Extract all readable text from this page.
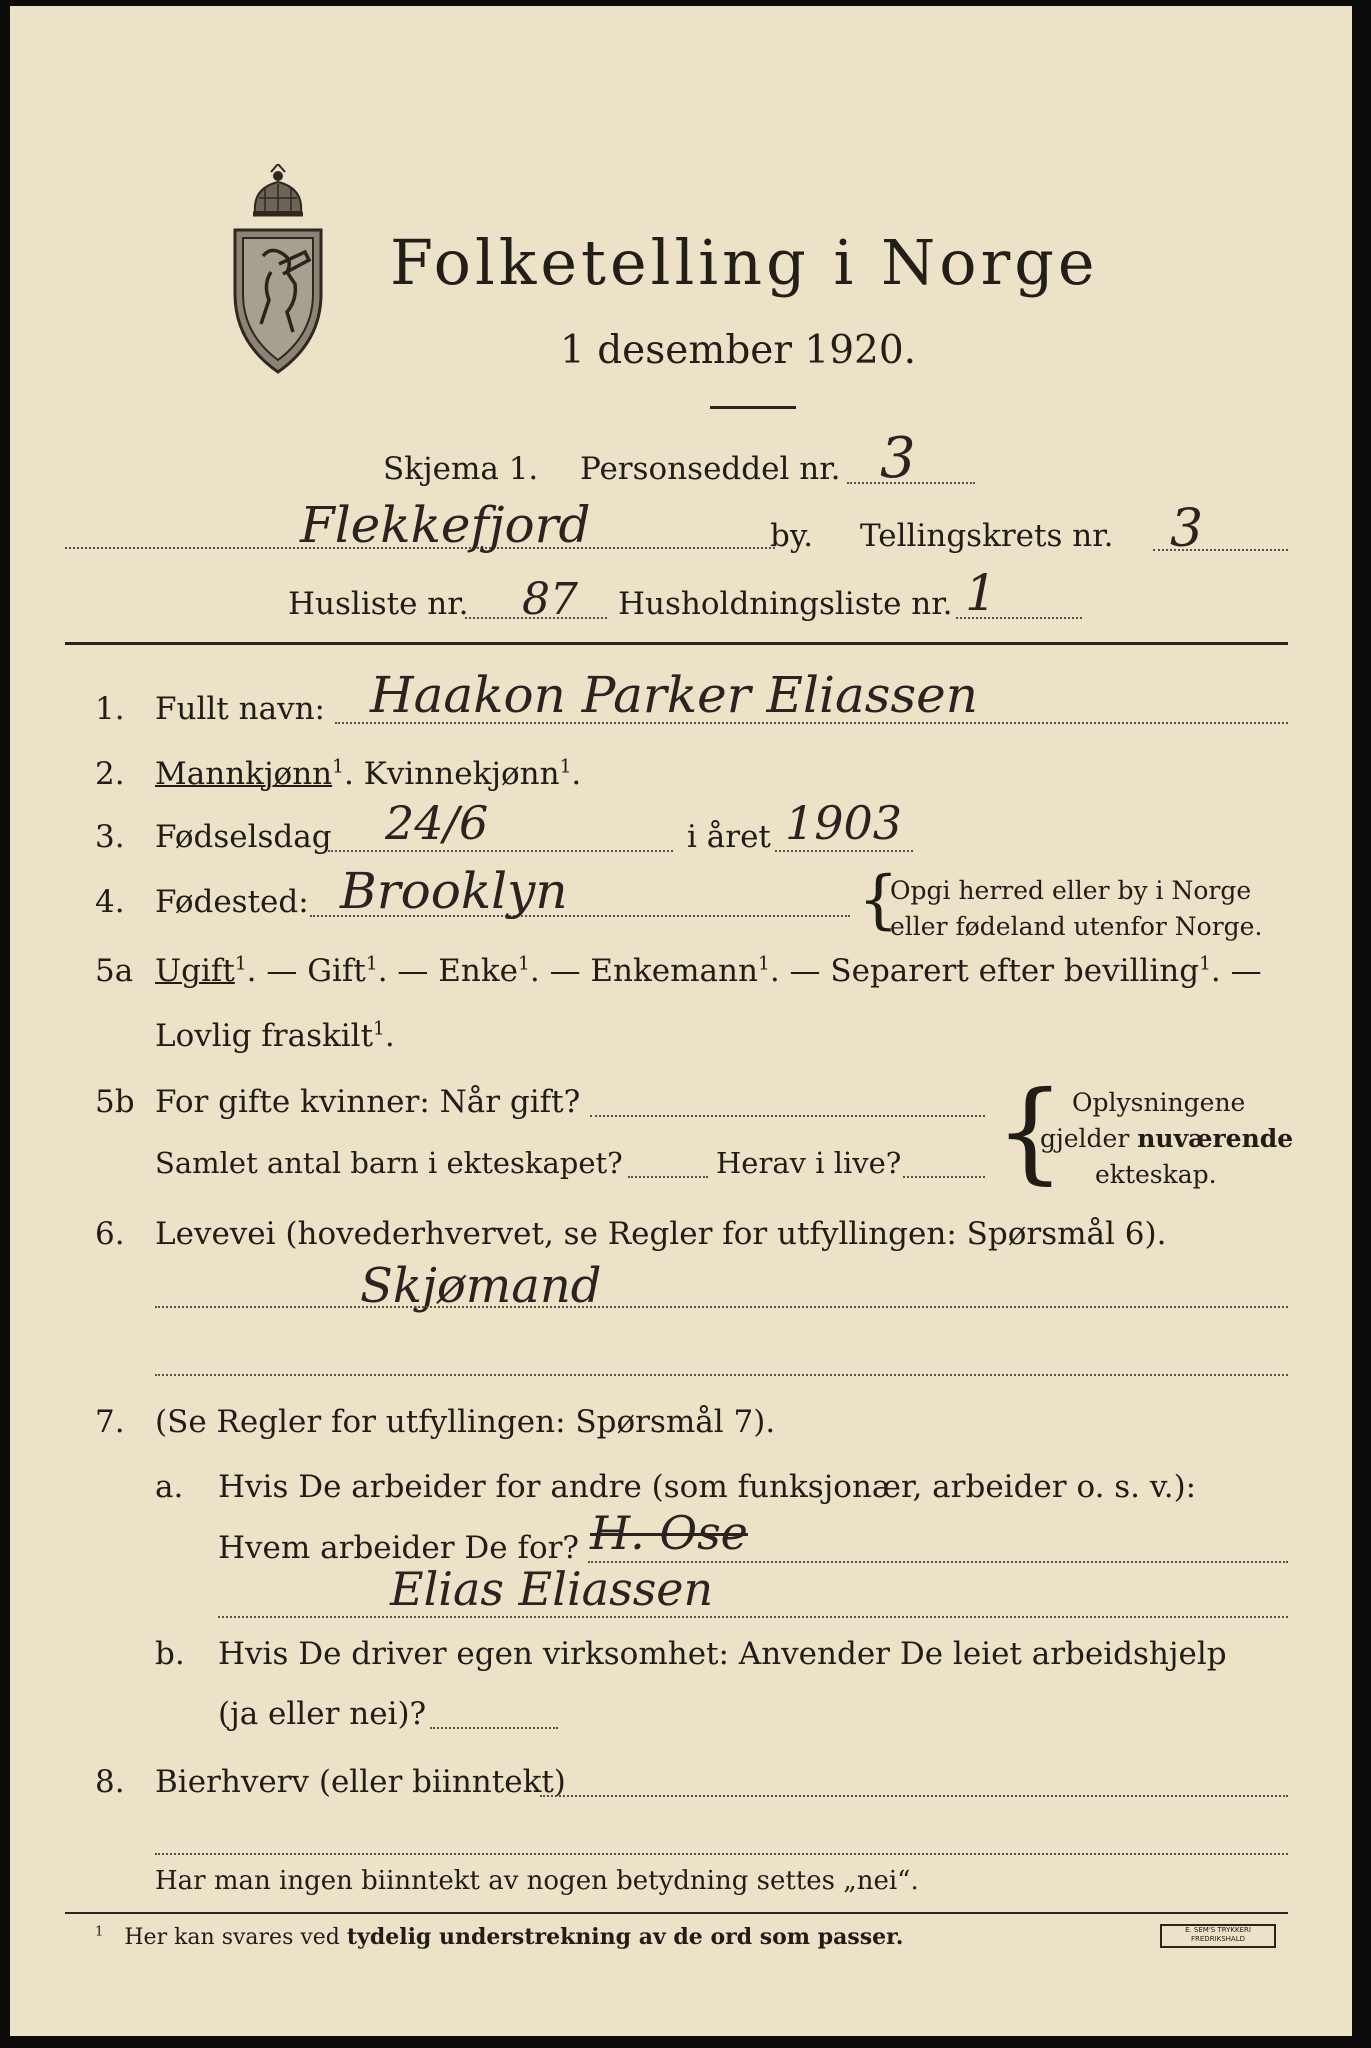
Folketelling i Norge
1 desember 1920.
Skjema 1. Personseddel nr. 3
Flekkefjord	by. Tellingskrets nr. 3
Husliste nr. 87 Husholdningsliste nr. 1
1. Fullt navn: Haakon Parker Eliassen
2. Mannkjønn$^1$. Kvinnekjønn$^1$.
3. Fødselsdag 24/6	i året 1903
4. Fødested: Brooklyn	{
Opgi herred eller by i Norge
eller fødeland utenfor Norge.
5a Ugift$^1$. — Gift$^1$. — Enke$^1$. — Enkemann$^1$. — Separert efter bevilling$^1$. —
Lovlig fraskilt$^1$.
5b For gifte kvinner: Når gift?
Samlet antal barn i ekteskapet?	Herav i live? { Oplysningene
gjelder nuværende
ekteskap.
6. Levevei (hovederhvervet, se Regler for utfyllingen: Spørsmål 6).
Skjømand
7. (Se Regler for utfyllingen: Spørsmål 7).
a. Hvis De arbeider for andre (som funksjonær, arbeider o. s. v.):
Hvem arbeider De for? H. Ose
Elias Eliassen
b. Hvis De driver egen virksomhet: Anvender De leiet arbeidshjelp
(ja eller nei)?
8. Bierhverv (eller biinntekt)
Har man ingen biinntekt av nogen betydning settes „nei“.
$^1$ Her kan svares ved tydelig understrekning av de ord som passer.	E. SEM'S TRYKKERI FREDRIKSHALD
